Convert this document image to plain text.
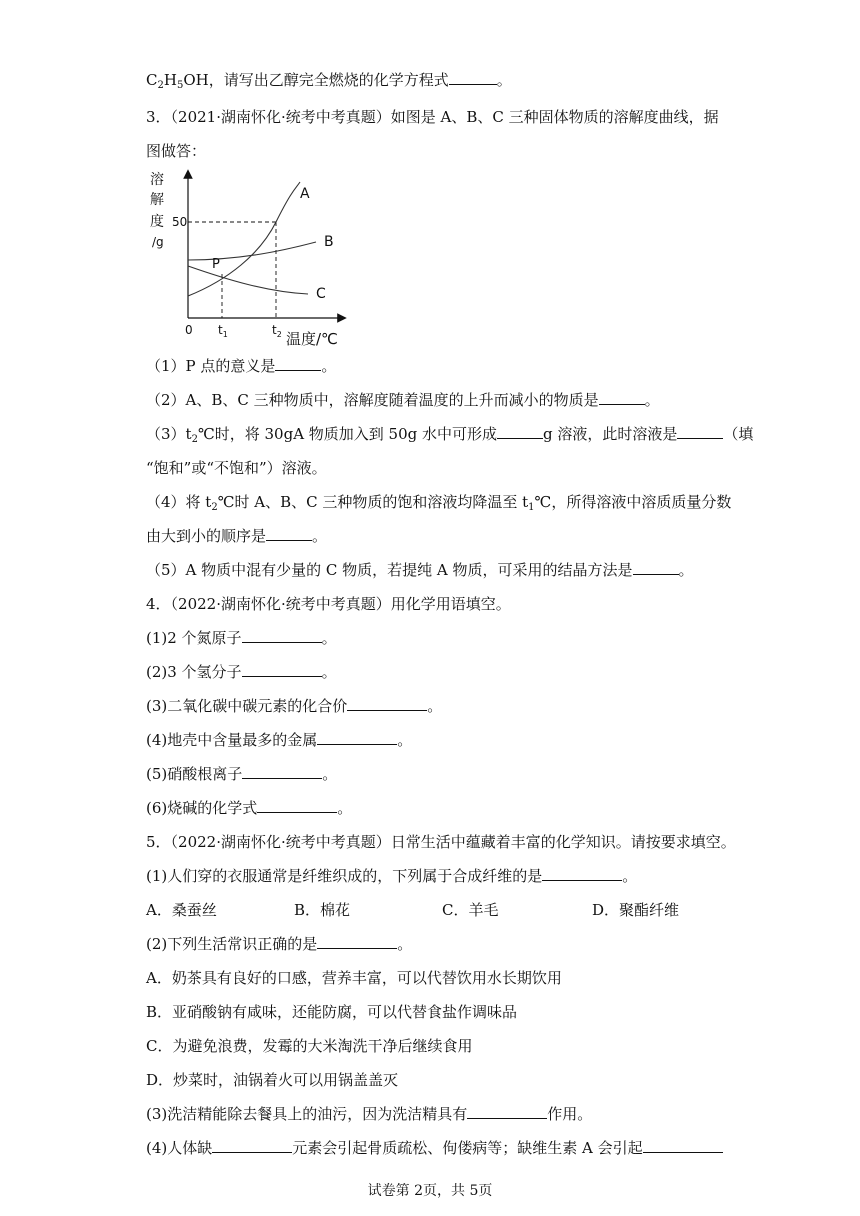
$C_2H_5OH$，请写出乙醇完全燃烧的化学方程式	。
3．（2021·湖南怀化·统考中考真题）如图是 A、B、C 三种固体物质的溶解度曲线，据
图做答：
溶
解
度
/g
50
A
B
C
P
0 $t_1$	$t_2$ 温度/℃
（1）P 点的意义是	。
（2）A、B、C 三种物质中，溶解度随着温度的上升而减小的物质是	。
$(3)t_2℃$时，将 30gA 物质加入到 50g 水中可形成	g 溶液，此时溶液是	（填
“饱和”或“不饱和”）溶液。
（4）将 $t_2℃$时 A、B、C 三种物质的饱和溶液均降温至 $t_1℃$，所得溶液中溶质质量分数
由大到小的顺序是	。
（5）A 物质中混有少量的 C 物质，若提纯 A 物质，可采用的结晶方法是	。
4．（2022·湖南怀化·统考中考真题）用化学用语填空。
(1)2 个氮原子	。
(2)3 个氢分子	。
(3)二氧化碳中碳元素的化合价	。
(4)地壳中含量最多的金属	。
(5)硝酸根离子	。
(6)烧碱的化学式	。
5．（2022·湖南怀化·统考中考真题）日常生活中蕴藏着丰富的化学知识。请按要求填空。
(1)人们穿的衣服通常是纤维织成的，下列属于合成纤维的是	。
A．桑蚕丝	B．棉花	C．羊毛	D．聚酯纤维
(2)下列生活常识正确的是	。
A．奶茶具有良好的口感，营养丰富，可以代替饮用水长期饮用
B．亚硝酸钠有咸味，还能防腐，可以代替食盐作调味品
C．为避免浪费，发霉的大米淘洗干净后继续食用
D．炒菜时，油锅着火可以用锅盖盖灭
(3)洗洁精能除去餐具上的油污，因为洗洁精具有	作用。
(4)人体缺	元素会引起骨质疏松、佝偻病等；缺维生素 A 会引起
试卷第 2页，共 5页
